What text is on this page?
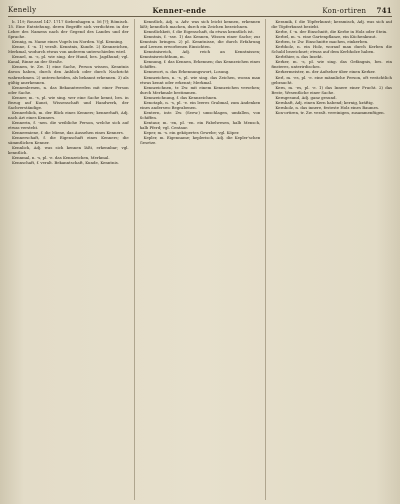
Kenelly	Kenner-ende	Kon-ortiren 741

b. 119; Roussel 147. 1717 Siebenhagen u. 56 [?]; Römisch. 15. Eine Entstehung, deren Begriffe sich verdichten in der Lehre des Namens nach der Gegend des Landes und der Sprache.

Kennig, m. Name eines Vogels im Norden. Vgl. Kenning.

Kenne, f. -n. 1) veralt. Kenntnis, Kunde. 2) Kennzeichen, Merkmal, wodurch etwas von anderem unterschieden wird.

Kennel, m. -s, pl. wie sing. der Hund, bes. Jagdhund; vgl. Kanal, Rinne an der Straße.

Kennen, tr. Zw. 1) eine Sache, Person wissen, Kenntnis davon haben, durch den Anblick oder durch Nachricht wahrnehmen. 2) unterscheiden, als bekannt erkennen. 3) als gültig anerkennen.

Kennenlernen, n. das Bekanntwerden mit einer Person oder Sache.

Kenner, m. -s, pl. wie sing. wer eine Sache kennt, bes. in Bezug auf Kunst, Wissenschaft und Handwerk, der Sachverständige.

Kennerblick, m. der Blick eines Kenners; kennerhaft, Adj. nach Art eines Kenners.

Kennerin, f. -nen. die weibliche Person, welche sich auf etwas versteht.

Kennermiene, f. die Miene, das Aussehen eines Kenners.

Kennerschaft, f. die Eigenschaft eines Kenners; die sämmtlichen Kenner.

Kennlich, Adj. was sich kennen läßt, erkennbar; vgl. kenntlich.

Kennmal, n. -s, pl. -e. das Kennzeichen, Merkmal.

Kennschaft, f. veralt. Bekanntschaft, Kunde, Kenntnis.

Kenntlich, Adj. u. Adv. was sich leicht kennen, erkennen läßt; kenntlich machen, durch ein Zeichen bezeichnen.

Kenntlichkeit, f. die Eigenschaft, da etwas kenntlich ist.

Kenntnis, f. -sse. 1) das Kennen, Wissen einer Sache; zur Kenntnis bringen. 2) pl. Kenntnisse, die durch Erfahrung und Lernen erworbenen Einsichten.

Kenntnisreich, Adj. reich an Kenntnissen; Kenntnisreichthum, m.

Kennung, f. das Kennen, Erkennen; das Kennzeichen eines Schiffes.

Kennwort, n. das Erkennungswort, Losung.

Kennzeichen, n. -s, pl. wie sing. das Zeichen, woran man etwas kennt oder erkennt; Merkmal.

Kennzeichnen, tr. Zw. mit einem Kennzeichen versehen; durch Merkmale bestimmen.

Kennzeichnung, f. das Kennzeichnen.

Kenotaph, n. -s, pl. -e. ein leeres Grabmal, zum Andenken eines anderswo Begrabenen.

Kentern, intr. Zw. (Seew.) umschlagen, umfallen, von Schiffen.

Kentaur, m. -en, pl. -en. ein Fabelwesen, halb Mensch, halb Pferd; vgl. Centaur.

Keper, m. -s. ein geköpertes Gewebe; vgl. Köper.

Kepler, m. Eigenname; keplerisch, Adj. die Kepler'schen Gesetze.

Keramik, f. die Töpferkunst; keramisch, Adj. was sich auf die Töpferkunst bezieht.

Kerbe, f. -n. der Einschnitt, die Kerbe in Holz oder Stein.

Kerbel, m. -s. eine Gartenpflanze, ein Küchenkraut.

Kerben, tr. Zw. Einschnitte machen, einkerben.

Kerbholz, n. ein Holz, worauf man durch Kerben die Schuld bezeichnet; etwas auf dem Kerbholze haben.

Kerbthier, n. das Insekt.

Kerker, m. -s, pl. wie sing. das Gefängnis, bes. ein finsteres, unterirdisches.

Kerkermeister, m. der Aufseher über einen Kerker.

Kerl, m. -es, pl. -e. eine männliche Person, oft verächtlich gebraucht.

Kern, m. -es, pl. -e. 1) das Innere einer Frucht. 2) das Beste, Wesentliche einer Sache.

Kerngesund, Adj. ganz gesund.

Kernhaft, Adj. einen Kern habend; kernig, kräftig.

Kernholz, n. das innere, festeste Holz eines Baumes.

Kon-ortiren, tr. Zw. veralt. vereinigen, zusammenfügen.
